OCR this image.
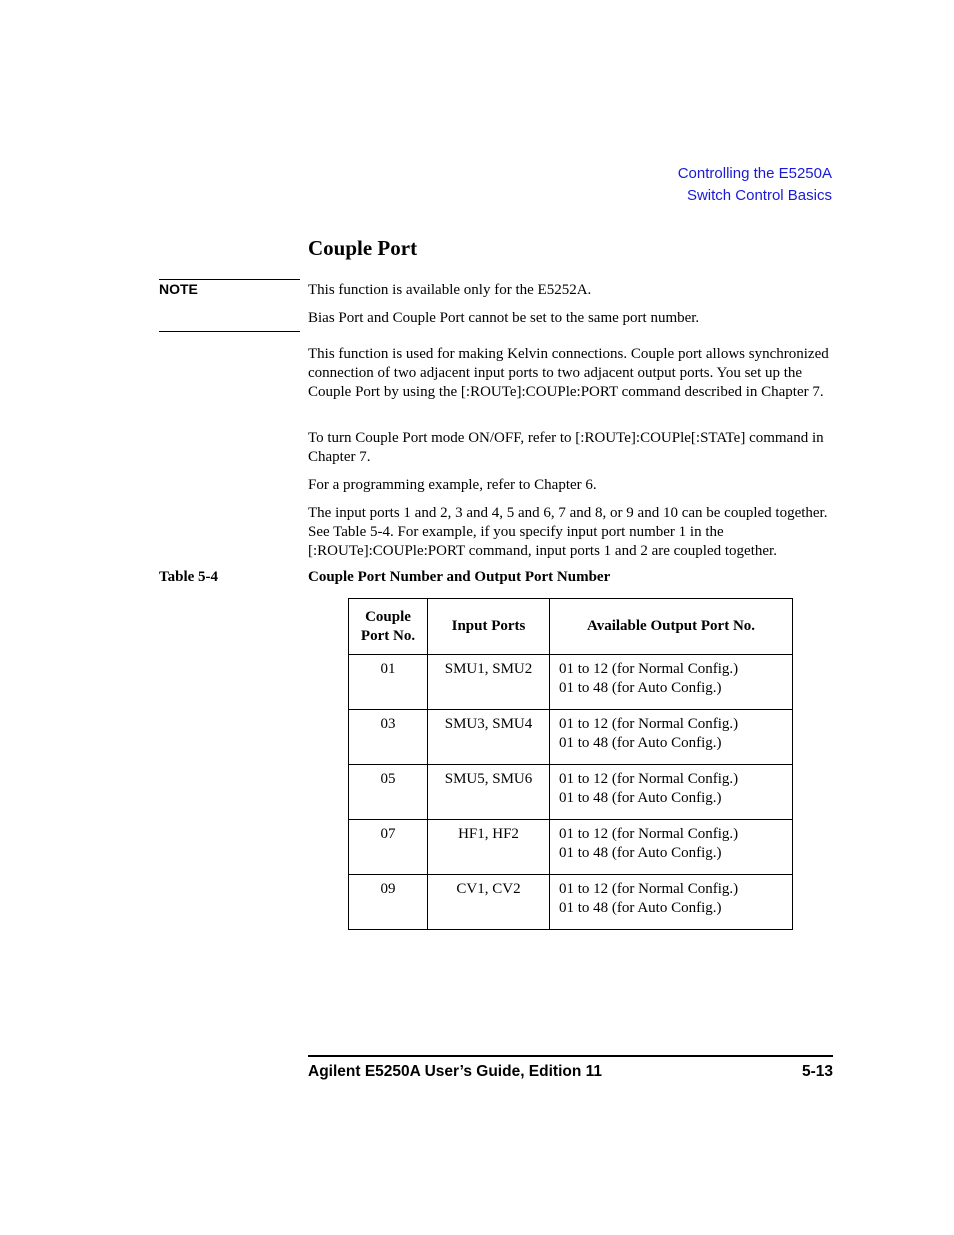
Controlling the E5250A
Switch Control Basics
Couple Port
NOTE	This function is available only for the E5252A.

Bias Port and Couple Port cannot be set to the same port number.

This function is used for making Kelvin connections. Couple port allows synchronized connection of two adjacent input ports to two adjacent output ports. You set up the Couple Port by using the [:ROUTe]:COUPle:PORT command described in Chapter 7.

To turn Couple Port mode ON/OFF, refer to [:ROUTe]:COUPle[:STATe] command in Chapter 7.

For a programming example, refer to Chapter 6.

The input ports 1 and 2, 3 and 4, 5 and 6, 7 and 8, or 9 and 10 can be coupled together. See Table 5-4. For example, if you specify input port number 1 in the [:ROUTe]:COUPle:PORT command, input ports 1 and 2 are coupled together.

Table 5-4	Couple Port Number and Output Port Number
Couple
Port No.	Input Ports	Available Output Port No.
01	SMU1, SMU2	01 to 12 (for Normal Config.)
01 to 48 (for Auto Config.)
03	SMU3, SMU4	01 to 12 (for Normal Config.)
01 to 48 (for Auto Config.)
05	SMU5, SMU6	01 to 12 (for Normal Config.)
01 to 48 (for Auto Config.)
07	HF1, HF2	01 to 12 (for Normal Config.)
01 to 48 (for Auto Config.)
09	CV1, CV2	01 to 12 (for Normal Config.)
01 to 48 (for Auto Config.)
Agilent E5250A User’s Guide, Edition 11	5-13
